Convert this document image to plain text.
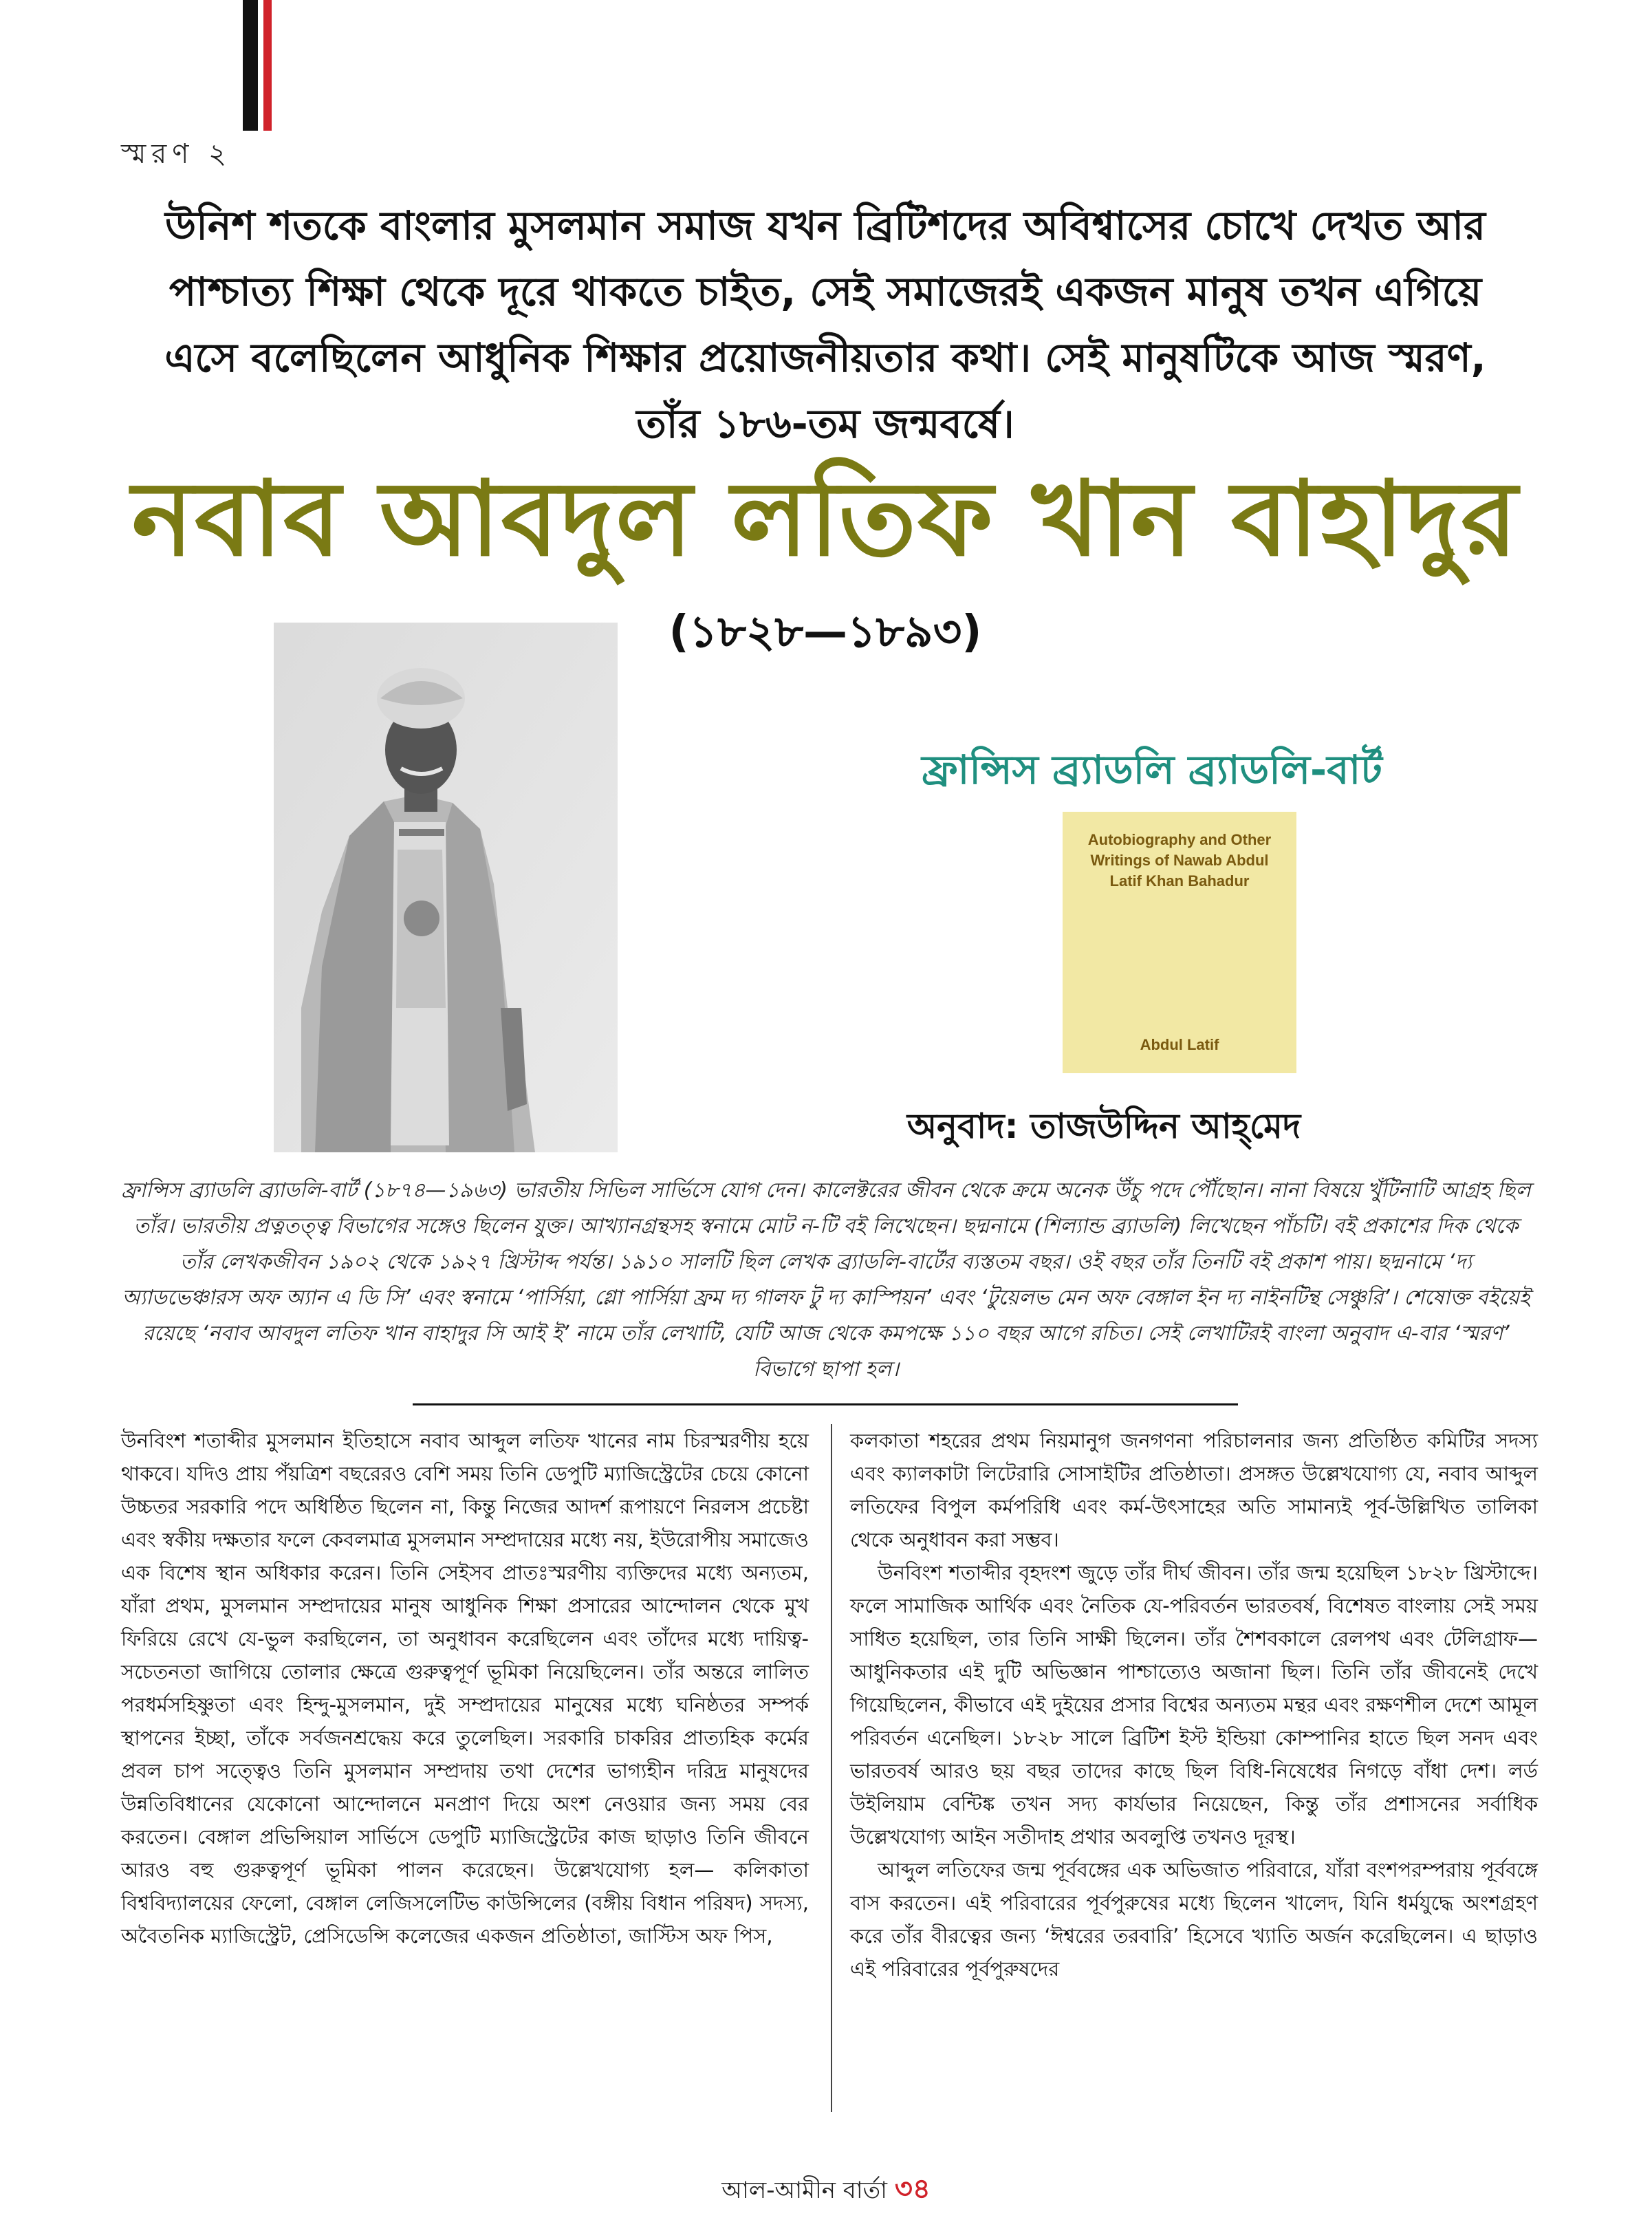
স্মরণ ২
উনিশ শতকে বাংলার মুসলমান সমাজ যখন ব্রিটিশদের অবিশ্বাসের চোখে দেখত আর পাশ্চাত্য শিক্ষা থেকে দূরে থাকতে চাইত, সেই সমাজেরই একজন মানুষ তখন এগিয়ে এসে বলেছিলেন আধুনিক শিক্ষার প্রয়োজনীয়তার কথা। সেই মানুষটিকে আজ স্মরণ, তাঁর ১৮৬-তম জন্মবর্ষে।
নবাব আবদুল লতিফ খান বাহাদুর
(১৮২৮—১৮৯৩)
ফ্রান্সিস ব্র্যাডলি ব্র্যাডলি-বার্ট
Autobiography and Other Writings of Nawab Abdul Latif Khan Bahadur
Abdul Latif
অনুবাদ: তাজউদ্দিন আহ্‌মেদ
ফ্রান্সিস ব্র্যাডলি ব্র্যাডলি-বার্ট (১৮৭৪—১৯৬৩) ভারতীয় সিভিল সার্ভিসে যোগ দেন। কালেক্টরের জীবন থেকে ক্রমে অনেক উঁচু পদে পৌঁছোন। নানা বিষয়ে খুঁটিনাটি আগ্রহ ছিল তাঁর। ভারতীয় প্রত্নতত্ত্ব বিভাগের সঙ্গেও ছিলেন যুক্ত। আখ্যানগ্রন্থসহ স্বনামে মোট ন-টি বই লিখেছেন। ছদ্মনামে (শিল্যান্ড ব্র্যাডলি) লিখেছেন পাঁচটি। বই প্রকাশের দিক থেকে তাঁর লেখকজীবন ১৯০২ থেকে ১৯২৭ খ্রিস্টাব্দ পর্যন্ত। ১৯১০ সালটি ছিল লেখক ব্র্যাডলি-বার্টের ব্যস্ততম বছর। ওই বছর তাঁর তিনটি বই প্রকাশ পায়। ছদ্মনামে ‘দ্য অ্যাডভেঞ্চারস অফ অ্যান এ ডি সি’ এবং স্বনামে ‘পার্সিয়া, গ্লো পার্সিয়া ফ্রম দ্য গালফ টু দ্য কাস্পিয়ন’ এবং ‘টুয়েলভ মেন অফ বেঙ্গাল ইন দ্য নাইনটিন্থ সেঞ্চুরি’। শেষোক্ত বইয়েই রয়েছে ‘নবাব আবদুল লতিফ খান বাহাদুর সি আই ই’ নামে তাঁর লেখাটি, যেটি আজ থেকে কমপক্ষে ১১০ বছর আগে রচিত। সেই লেখাটিরই বাংলা অনুবাদ এ-বার ‘স্মরণ’ বিভাগে ছাপা হল।

উনবিংশ শতাব্দীর মুসলমান ইতিহাসে নবাব আব্দুল লতিফ খানের নাম চিরস্মরণীয় হয়ে থাকবে। যদিও প্রায় পঁয়ত্রিশ বছরেরও বেশি সময় তিনি ডেপুটি ম্যাজিস্ট্রেটের চেয়ে কোনো উচ্চতর সরকারি পদে অধিষ্ঠিত ছিলেন না, কিন্তু নিজের আদর্শ রূপায়ণে নিরলস প্রচেষ্টা এবং স্বকীয় দক্ষতার ফলে কেবলমাত্র মুসলমান সম্প্রদায়ের মধ্যে নয়, ইউরোপীয় সমাজেও এক বিশেষ স্থান অধিকার করেন। তিনি সেইসব প্রাতঃস্মরণীয় ব্যক্তিদের মধ্যে অন্যতম, যাঁরা প্রথম, মুসলমান সম্প্রদায়ের মানুষ আধুনিক শিক্ষা প্রসারের আন্দোলন থেকে মুখ ফিরিয়ে রেখে যে-ভুল করছিলেন, তা অনুধাবন করেছিলেন এবং তাঁদের মধ্যে দায়িত্ব-সচেতনতা জাগিয়ে তোলার ক্ষেত্রে গুরুত্বপূর্ণ ভূমিকা নিয়েছিলেন। তাঁর অন্তরে লালিত পরধর্মসহিষ্ণুতা এবং হিন্দু-মুসলমান, দুই সম্প্রদায়ের মানুষের মধ্যে ঘনিষ্ঠতর সম্পর্ক স্থাপনের ইচ্ছা, তাঁকে সর্বজনশ্রদ্ধেয় করে তুলেছিল। সরকারি চাকরির প্রাত্যহিক কর্মের প্রবল চাপ সত্ত্বেও তিনি মুসলমান সম্প্রদায় তথা দেশের ভাগ্যহীন দরিদ্র মানুষদের উন্নতিবিধানের যেকোনো আন্দোলনে মনপ্রাণ দিয়ে অংশ নেওয়ার জন্য সময় বের করতেন। বেঙ্গাল প্রভিন্সিয়াল সার্ভিসে ডেপুটি ম্যাজিস্ট্রেটের কাজ ছাড়াও তিনি জীবনে আরও বহু গুরুত্বপূর্ণ ভূমিকা পালন করেছেন। উল্লেখযোগ্য হল— কলিকাতা বিশ্ববিদ্যালয়ের ফেলো, বেঙ্গাল লেজিসলেটিভ কাউন্সিলের (বঙ্গীয় বিধান পরিষদ) সদস্য, অবৈতনিক ম্যাজিস্ট্রেট, প্রেসিডেন্সি কলেজের একজন প্রতিষ্ঠাতা, জাস্টিস অফ পিস,

কলকাতা শহরের প্রথম নিয়মানুগ জনগণনা পরিচালনার জন্য প্রতিষ্ঠিত কমিটির সদস্য এবং ক্যালকাটা লিটেরারি সোসাইটির প্রতিষ্ঠাতা। প্রসঙ্গত উল্লেখযোগ্য যে, নবাব আব্দুল লতিফের বিপুল কর্মপরিধি এবং কর্ম-উৎসাহের অতি সামান্যই পূর্ব-উল্লিখিত তালিকা থেকে অনুধাবন করা সম্ভব।

উনবিংশ শতাব্দীর বৃহদংশ জুড়ে তাঁর দীর্ঘ জীবন। তাঁর জন্ম হয়েছিল ১৮২৮ খ্রিস্টাব্দে। ফলে সামাজিক আর্থিক এবং নৈতিক যে-পরিবর্তন ভারতবর্ষ, বিশেষত বাংলায় সেই সময় সাধিত হয়েছিল, তার তিনি সাক্ষী ছিলেন। তাঁর শৈশবকালে রেলপথ এবং টেলিগ্রাফ— আধুনিকতার এই দুটি অভিজ্ঞান পাশ্চাত্যেও অজানা ছিল। তিনি তাঁর জীবনেই দেখে গিয়েছিলেন, কীভাবে এই দুইয়ের প্রসার বিশ্বের অন্যতম মন্থর এবং রক্ষণশীল দেশে আমূল পরিবর্তন এনেছিল। ১৮২৮ সালে ব্রিটিশ ইস্ট ইন্ডিয়া কোম্পানির হাতে ছিল সনদ এবং ভারতবর্ষ আরও ছয় বছর তাদের কাছে ছিল বিধি-নিষেধের নিগড়ে বাঁধা দেশ। লর্ড উইলিয়াম বেন্টিঙ্ক তখন সদ্য কার্যভার নিয়েছেন, কিন্তু তাঁর প্রশাসনের সর্বাধিক উল্লেখযোগ্য আইন সতীদাহ প্রথার অবলুপ্তি তখনও দূরস্থ।

আব্দুল লতিফের জন্ম পূর্ববঙ্গের এক অভিজাত পরিবারে, যাঁরা বংশপরম্পরায় পূর্ববঙ্গে বাস করতেন। এই পরিবারের পূর্বপুরুষের মধ্যে ছিলেন খালেদ, যিনি ধর্মযুদ্ধে অংশগ্রহণ করে তাঁর বীরত্বের জন্য ‘ঈশ্বরের তরবারি’ হিসেবে খ্যাতি অর্জন করেছিলেন। এ ছাড়াও এই পরিবারের পূর্বপুরুষদের

আল-আমীন বার্তা ৩৪
